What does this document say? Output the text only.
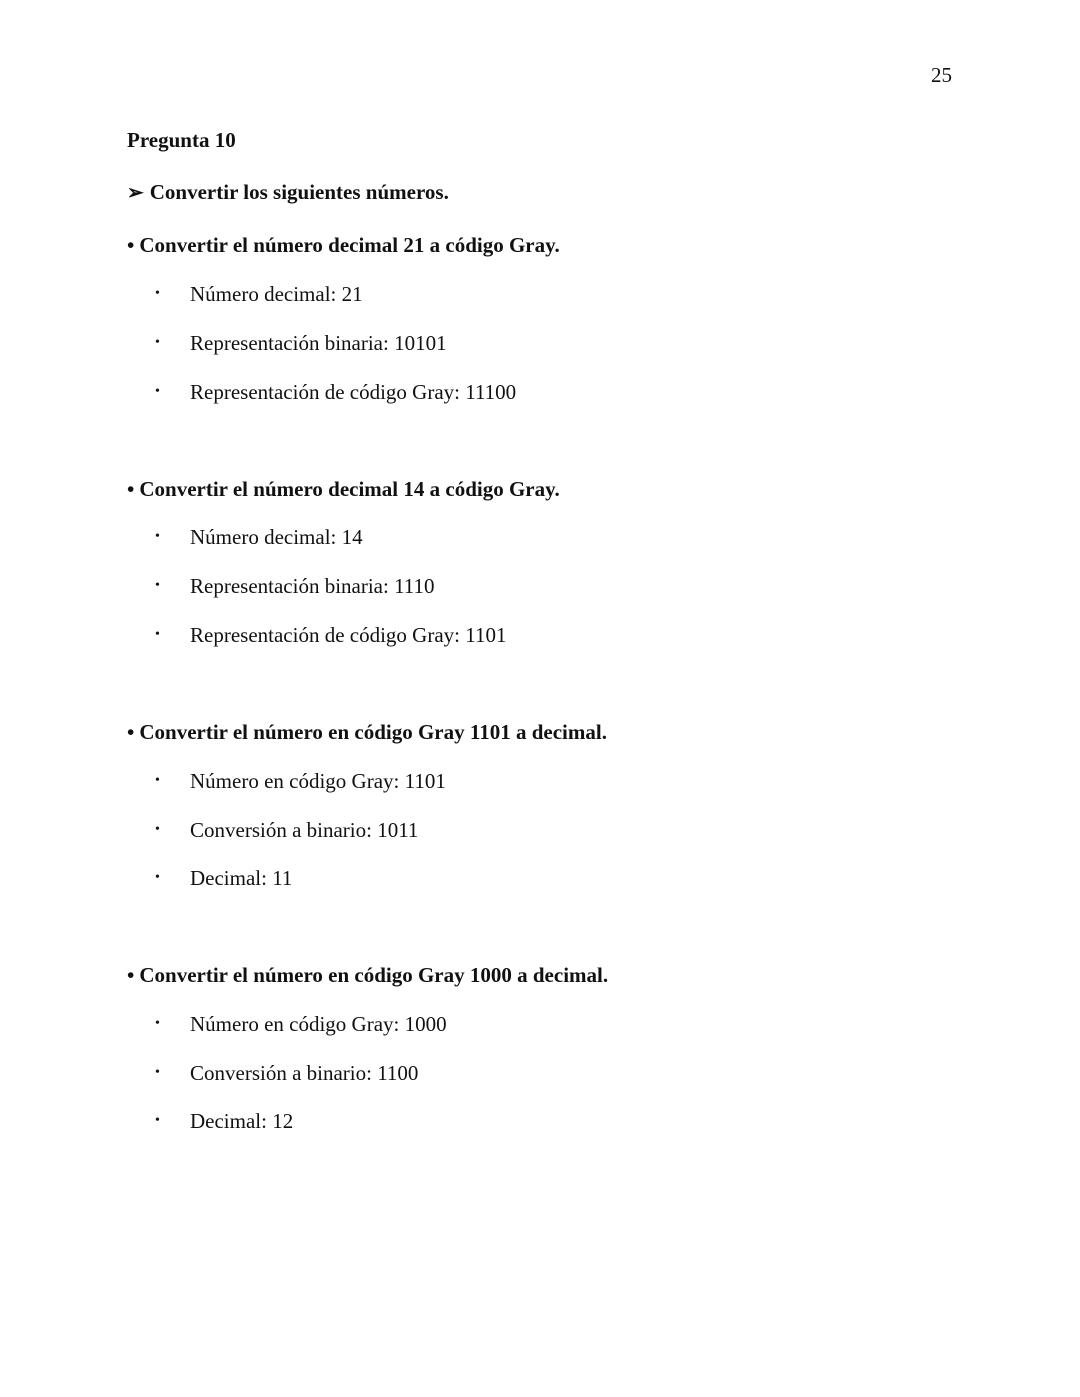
25
Pregunta 10
➢ Convertir los siguientes números.
• Convertir el número decimal 21 a código Gray.
• Número decimal: 21
• Representación binaria: 10101
• Representación de código Gray: 11100
• Convertir el número decimal 14 a código Gray.
• Número decimal: 14
• Representación binaria: 1110
• Representación de código Gray: 1101
• Convertir el número en código Gray 1101 a decimal.
• Número en código Gray: 1101
• Conversión a binario: 1011
• Decimal: 11
• Convertir el número en código Gray 1000 a decimal.
• Número en código Gray: 1000
• Conversión a binario: 1100
• Decimal: 12
